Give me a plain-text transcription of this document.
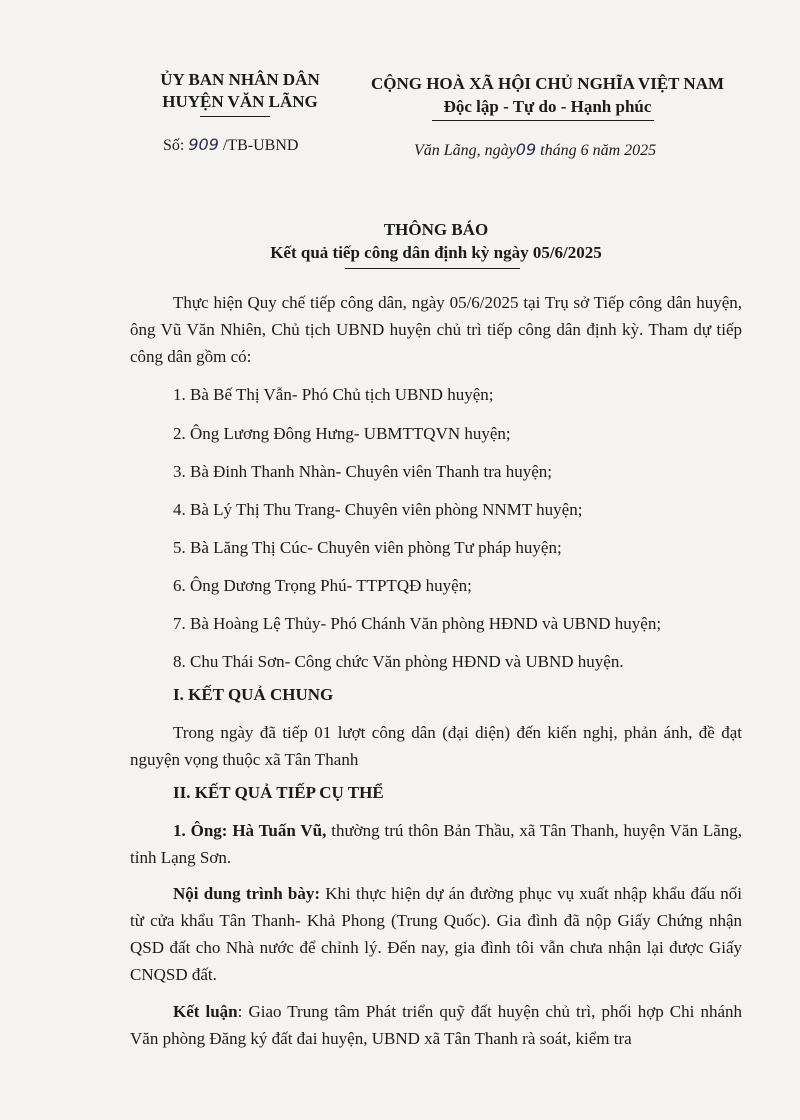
ỦY BAN NHÂN DÂN
HUYỆN VĂN LÃNG
CỘNG HOÀ XÃ HỘI CHỦ NGHĨA VIỆT NAM
Độc lập - Tự do - Hạnh phúc
Số: 909 /TB-UBND	Văn Lãng, ngày09 tháng 6 năm 2025
THÔNG BÁO
Kết quả tiếp công dân định kỳ ngày 05/6/2025

Thực hiện Quy chế tiếp công dân, ngày 05/6/2025 tại Trụ sở Tiếp công dân huyện, ông Vũ Văn Nhiên, Chủ tịch UBND huyện chủ trì tiếp công dân định kỳ. Tham dự tiếp công dân gồm có:

1. Bà Bế Thị Vẫn- Phó Chủ tịch UBND huyện;
2. Ông Lương Đông Hưng- UBMTTQVN huyện;
3. Bà Đinh Thanh Nhàn- Chuyên viên Thanh tra huyện;
4. Bà Lý Thị Thu Trang- Chuyên viên phòng NNMT huyện;
5. Bà Lăng Thị Cúc- Chuyên viên phòng Tư pháp huyện;
6. Ông Dương Trọng Phú- TTPTQĐ huyện;
7. Bà Hoàng Lệ Thủy- Phó Chánh Văn phòng HĐND và UBND huyện;
8. Chu Thái Sơn- Công chức Văn phòng HĐND và UBND huyện.
I. KẾT QUẢ CHUNG

Trong ngày đã tiếp 01 lượt công dân (đại diện) đến kiến nghị, phản ánh, đề đạt nguyện vọng thuộc xã Tân Thanh

II. KẾT QUẢ TIẾP CỤ THỂ

1. Ông: Hà Tuấn Vũ, thường trú thôn Bản Thầu, xã Tân Thanh, huyện Văn Lãng, tỉnh Lạng Sơn.

Nội dung trình bày: Khi thực hiện dự án đường phục vụ xuất nhập khẩu đấu nối từ cửa khẩu Tân Thanh- Khả Phong (Trung Quốc). Gia đình đã nộp Giấy Chứng nhận QSD đất cho Nhà nước để chỉnh lý. Đến nay, gia đình tôi vẫn chưa nhận lại được Giấy CNQSD đất.

Kết luận: Giao Trung tâm Phát triển quỹ đất huyện chủ trì, phối hợp Chi nhánh Văn phòng Đăng ký đất đai huyện, UBND xã Tân Thanh rà soát, kiểm tra
